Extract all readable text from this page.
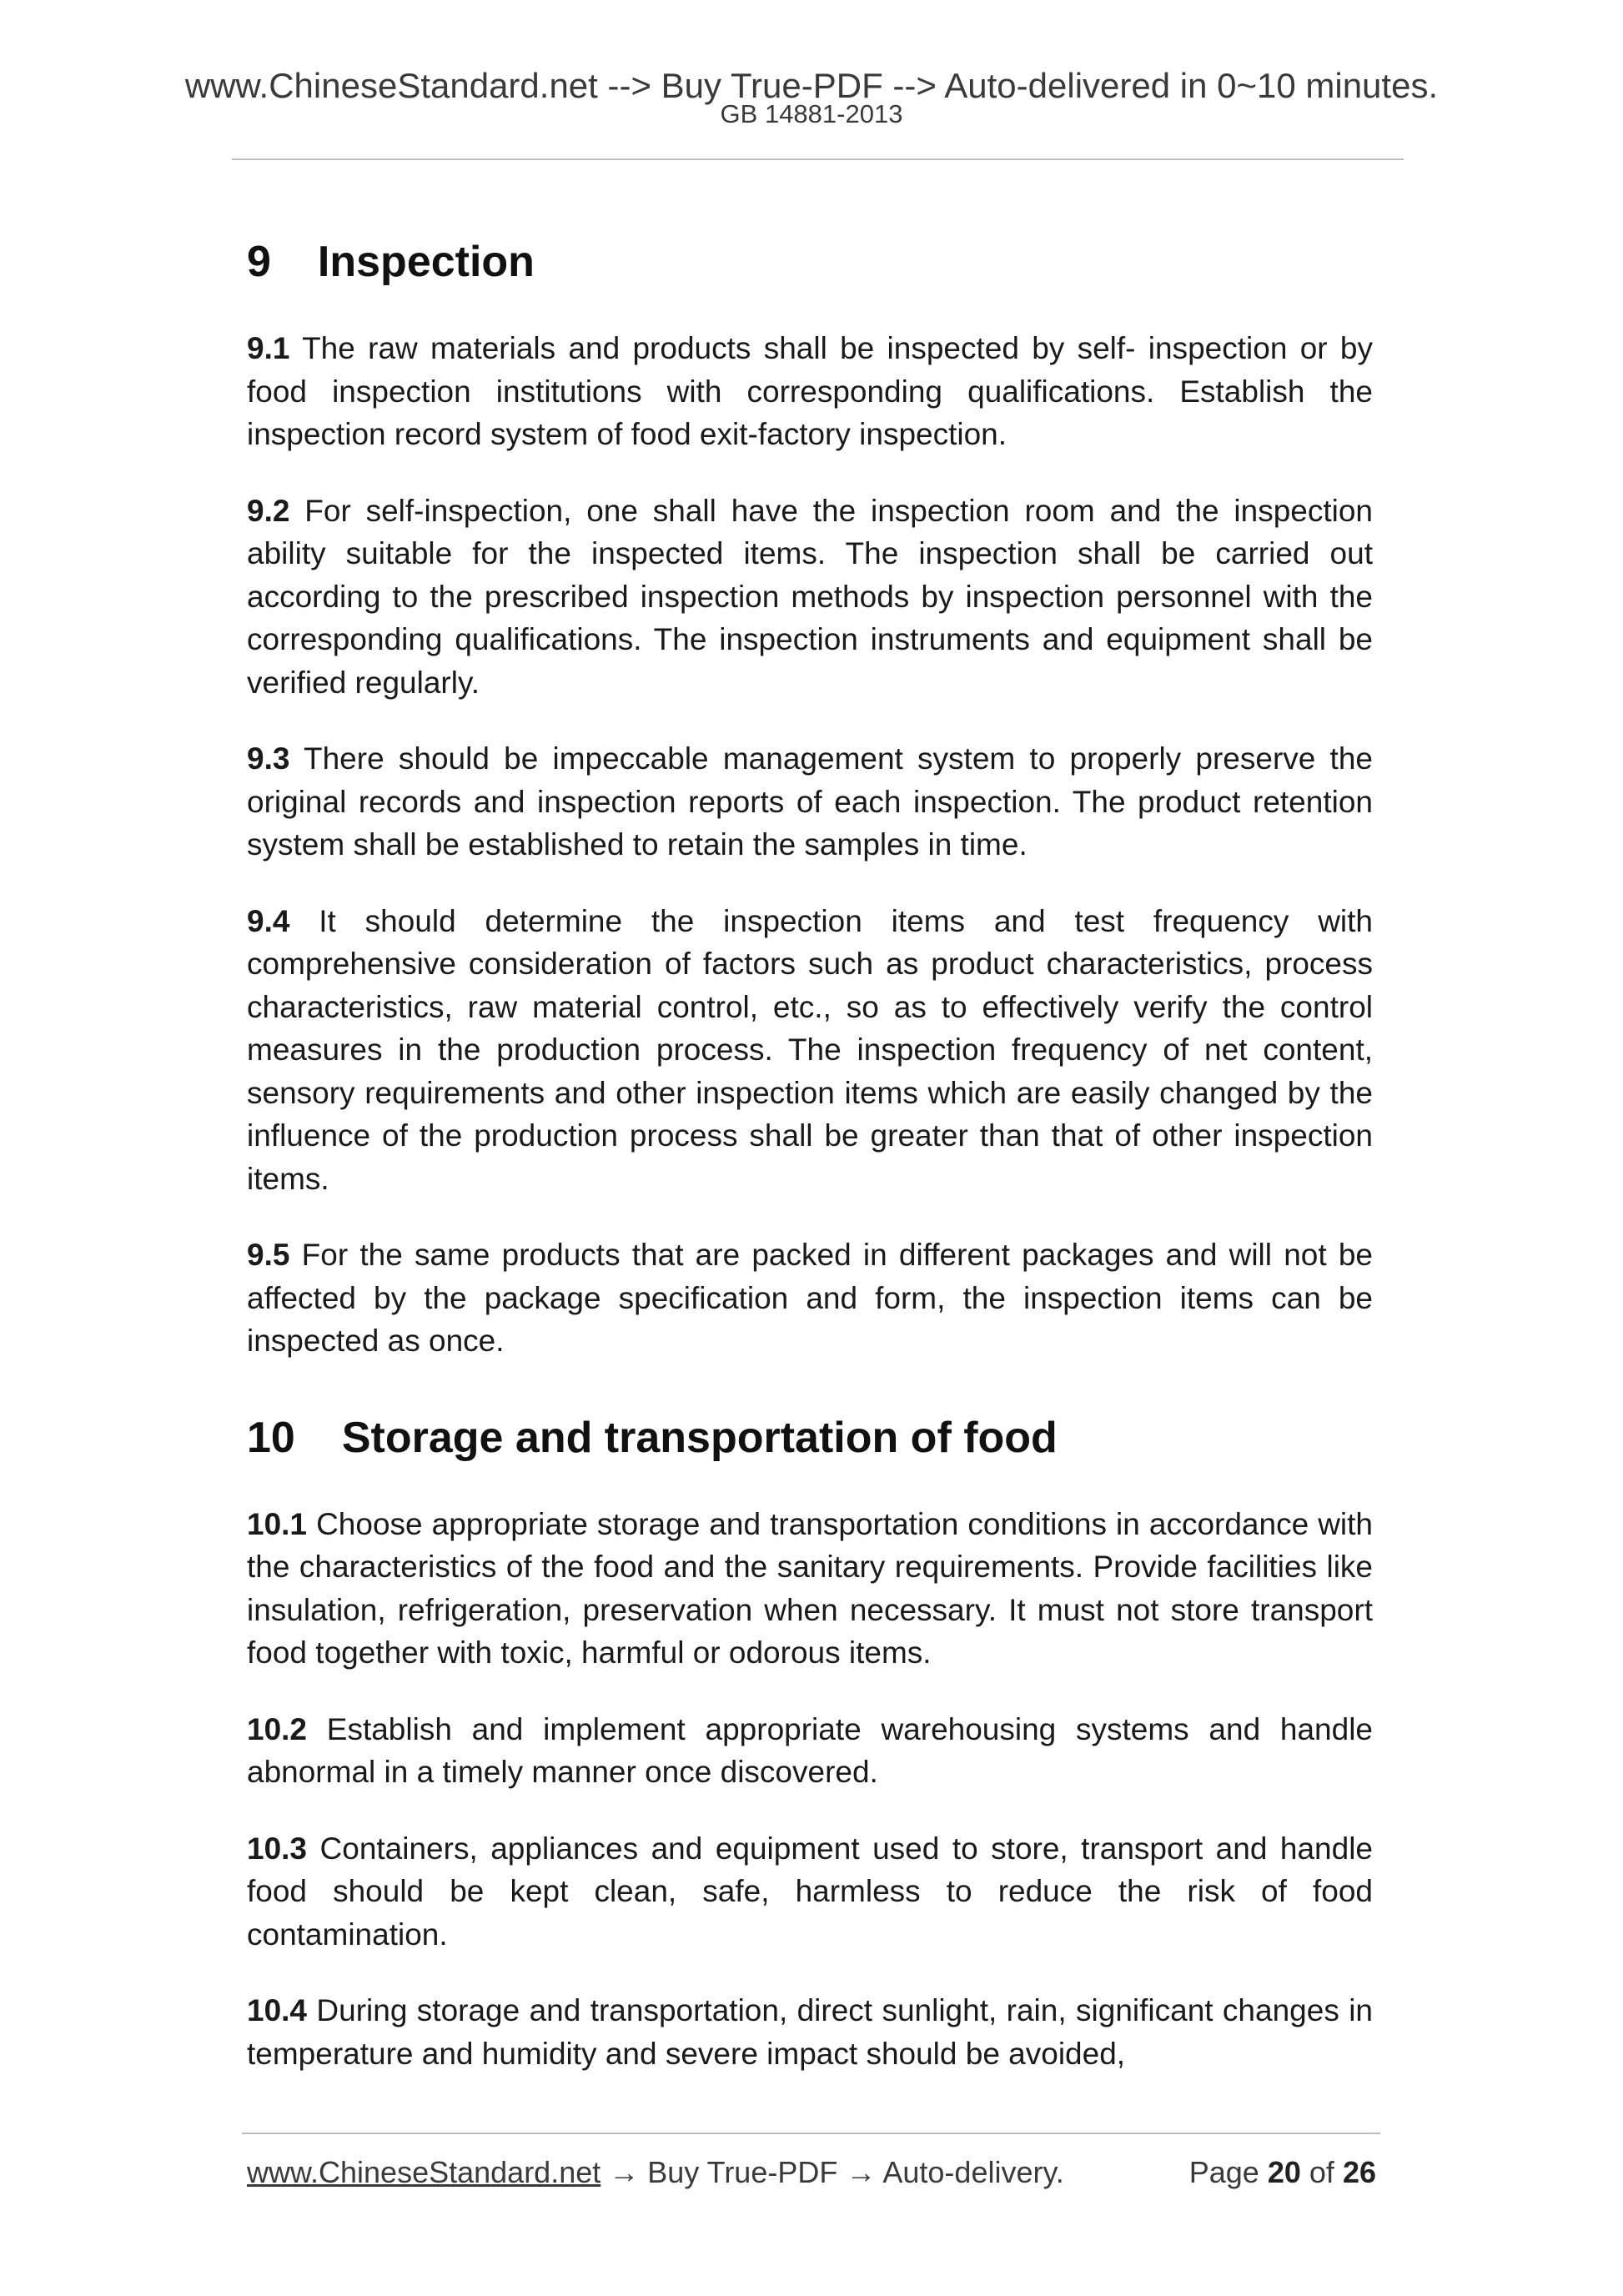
www.ChineseStandard.net --> Buy True-PDF --> Auto-delivered in 0~10 minutes.
GB 14881-2013
9 Inspection

9.1 The raw materials and products shall be inspected by self- inspection or by food inspection institutions with corresponding qualifications. Establish the inspection record system of food exit-factory inspection.

9.2 For self-inspection, one shall have the inspection room and the inspection ability suitable for the inspected items. The inspection shall be carried out according to the prescribed inspection methods by inspection personnel with the corresponding qualifications. The inspection instruments and equipment shall be verified regularly.

9.3 There should be impeccable management system to properly preserve the original records and inspection reports of each inspection. The product retention system shall be established to retain the samples in time.

9.4 It should determine the inspection items and test frequency with comprehensive consideration of factors such as product characteristics, process characteristics, raw material control, etc., so as to effectively verify the control measures in the production process. The inspection frequency of net content, sensory requirements and other inspection items which are easily changed by the influence of the production process shall be greater than that of other inspection items.

9.5 For the same products that are packed in different packages and will not be affected by the package specification and form, the inspection items can be inspected as once.

10 Storage and transportation of food

10.1 Choose appropriate storage and transportation conditions in accordance with the characteristics of the food and the sanitary requirements. Provide facilities like insulation, refrigeration, preservation when necessary. It must not store transport food together with toxic, harmful or odorous items.

10.2 Establish and implement appropriate warehousing systems and handle abnormal in a timely manner once discovered.

10.3 Containers, appliances and equipment used to store, transport and handle food should be kept clean, safe, harmless to reduce the risk of food contamination.

10.4 During storage and transportation, direct sunlight, rain, significant changes in temperature and humidity and severe impact should be avoided,

www.ChineseStandard.net → Buy True-PDF → Auto-delivery.	Page 20 of 26
